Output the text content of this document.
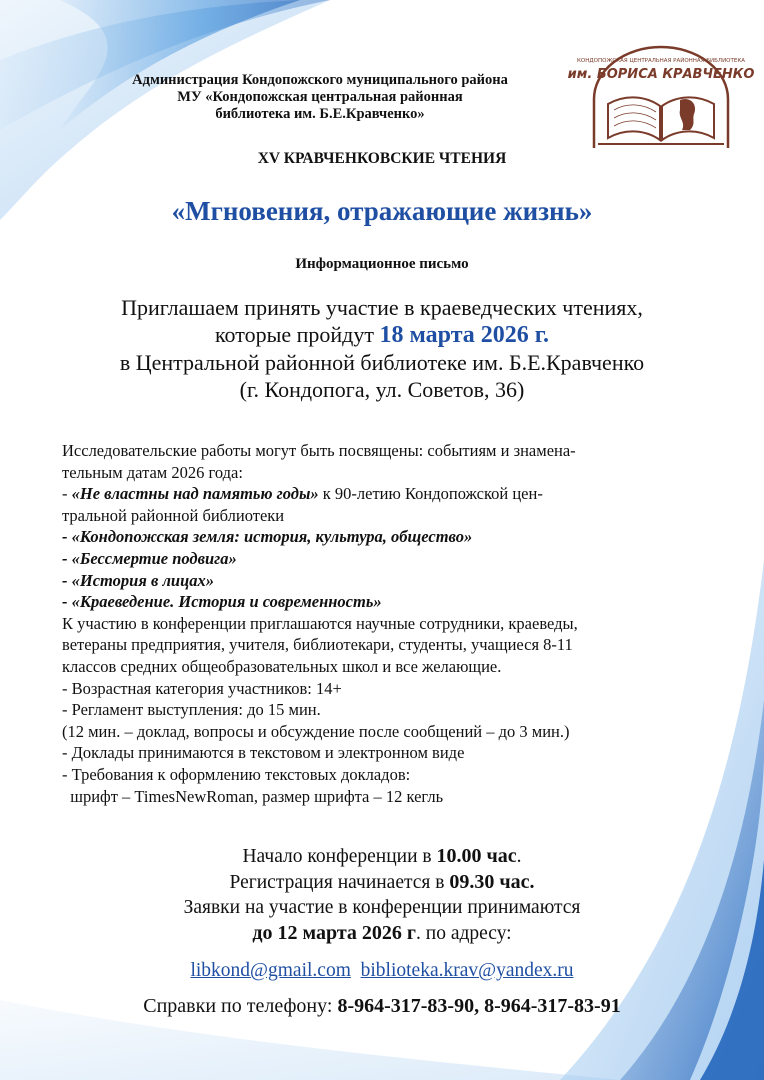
Администрация Кондопожского муниципального района
МУ «Кондопожская центральная районная
библиотека им. Б.Е.Кравченко»
КОНДОПОЖСКАЯ ЦЕНТРАЛЬНАЯ РАЙОННАЯ БИБЛИОТЕКА
им. БОРИСА КРАВЧЕНКО
XV КРАВЧЕНКОВСКИЕ ЧТЕНИЯ
«Мгновения, отражающие жизнь»
Информационное письмо
Приглашаем принять участие в краеведческих чтениях,
которые пройдут 18 марта 2026 г.
в Центральной районной библиотеке им. Б.Е.Кравченко
(г. Кондопога, ул. Советов, 36)
Исследовательские работы могут быть посвящены: событиям и знамена-
тельным датам 2026 года:
- «Не властны над памятью годы» к 90-летию Кондопожской цен-
тральной районной библиотеки
- «Кондопожская земля: история, культура, общество»
- «Бессмертие подвига»
- «История в лицах»
- «Краеведение. История и современность»
К участию в конференции приглашаются научные сотрудники, краеведы,
ветераны предприятия, учителя, библиотекари, студенты, учащиеся 8-11
классов средних общеобразовательных школ и все желающие.
- Возрастная категория участников: 14+
- Регламент выступления: до 15 мин.
(12 мин. – доклад, вопросы и обсуждение после сообщений – до 3 мин.)
- Доклады принимаются в текстовом и электронном виде
- Требования к оформлению текстовых докладов:
шрифт – TimesNewRoman, размер шрифта – 12 кегль
Начало конференции в 10.00 час.
Регистрация начинается в 09.30 час.
Заявки на участие в конференции принимаются
до 12 марта 2026 г. по адресу:
libkond@gmail.com biblioteka.krav@yandex.ru
Справки по телефону: 8-964-317-83-90, 8-964-317-83-91
